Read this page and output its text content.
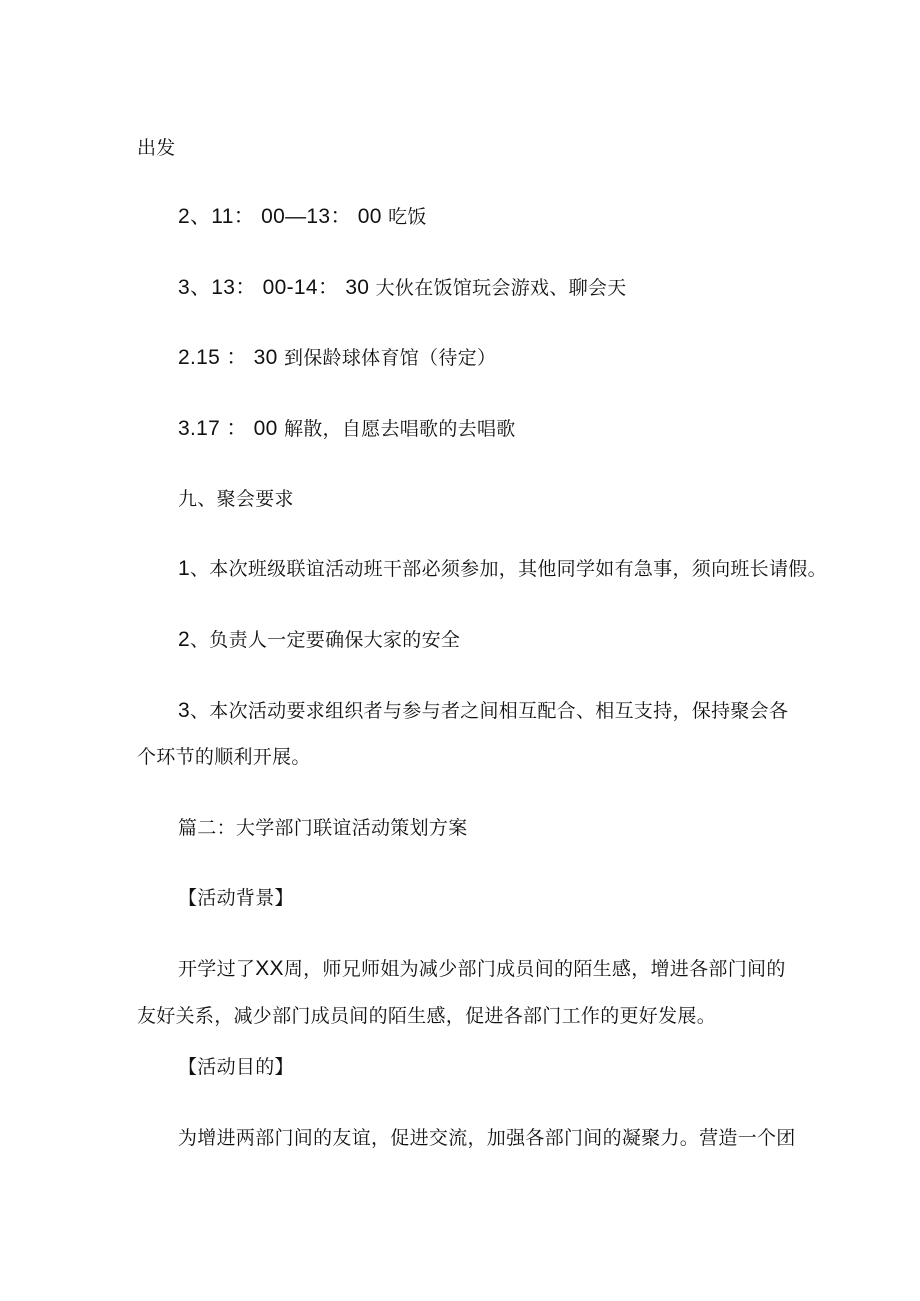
出发
2、11： 00—13： 00 吃饭
3、13： 00-14： 30 大伙在饭馆玩会游戏、聊会天
2.15 ： 30 到保龄球体育馆（待定）
3.17 ： 00 解散，自愿去唱歌的去唱歌
九、聚会要求
1、本次班级联谊活动班干部必须参加，其他同学如有急事，须向班长请假。
2、负责人一定要确保大家的安全
3、本次活动要求组织者与参与者之间相互配合、相互支持，保持聚会各
个环节的顺利开展。
篇二：大学部门联谊活动策划方案
【活动背景】
开学过了XX周，师兄师姐为减少部门成员间的陌生感，增进各部门间的
友好关系，减少部门成员间的陌生感，促进各部门工作的更好发展。
【活动目的】
为增进两部门间的友谊，促进交流，加强各部门间的凝聚力。营造一个团
